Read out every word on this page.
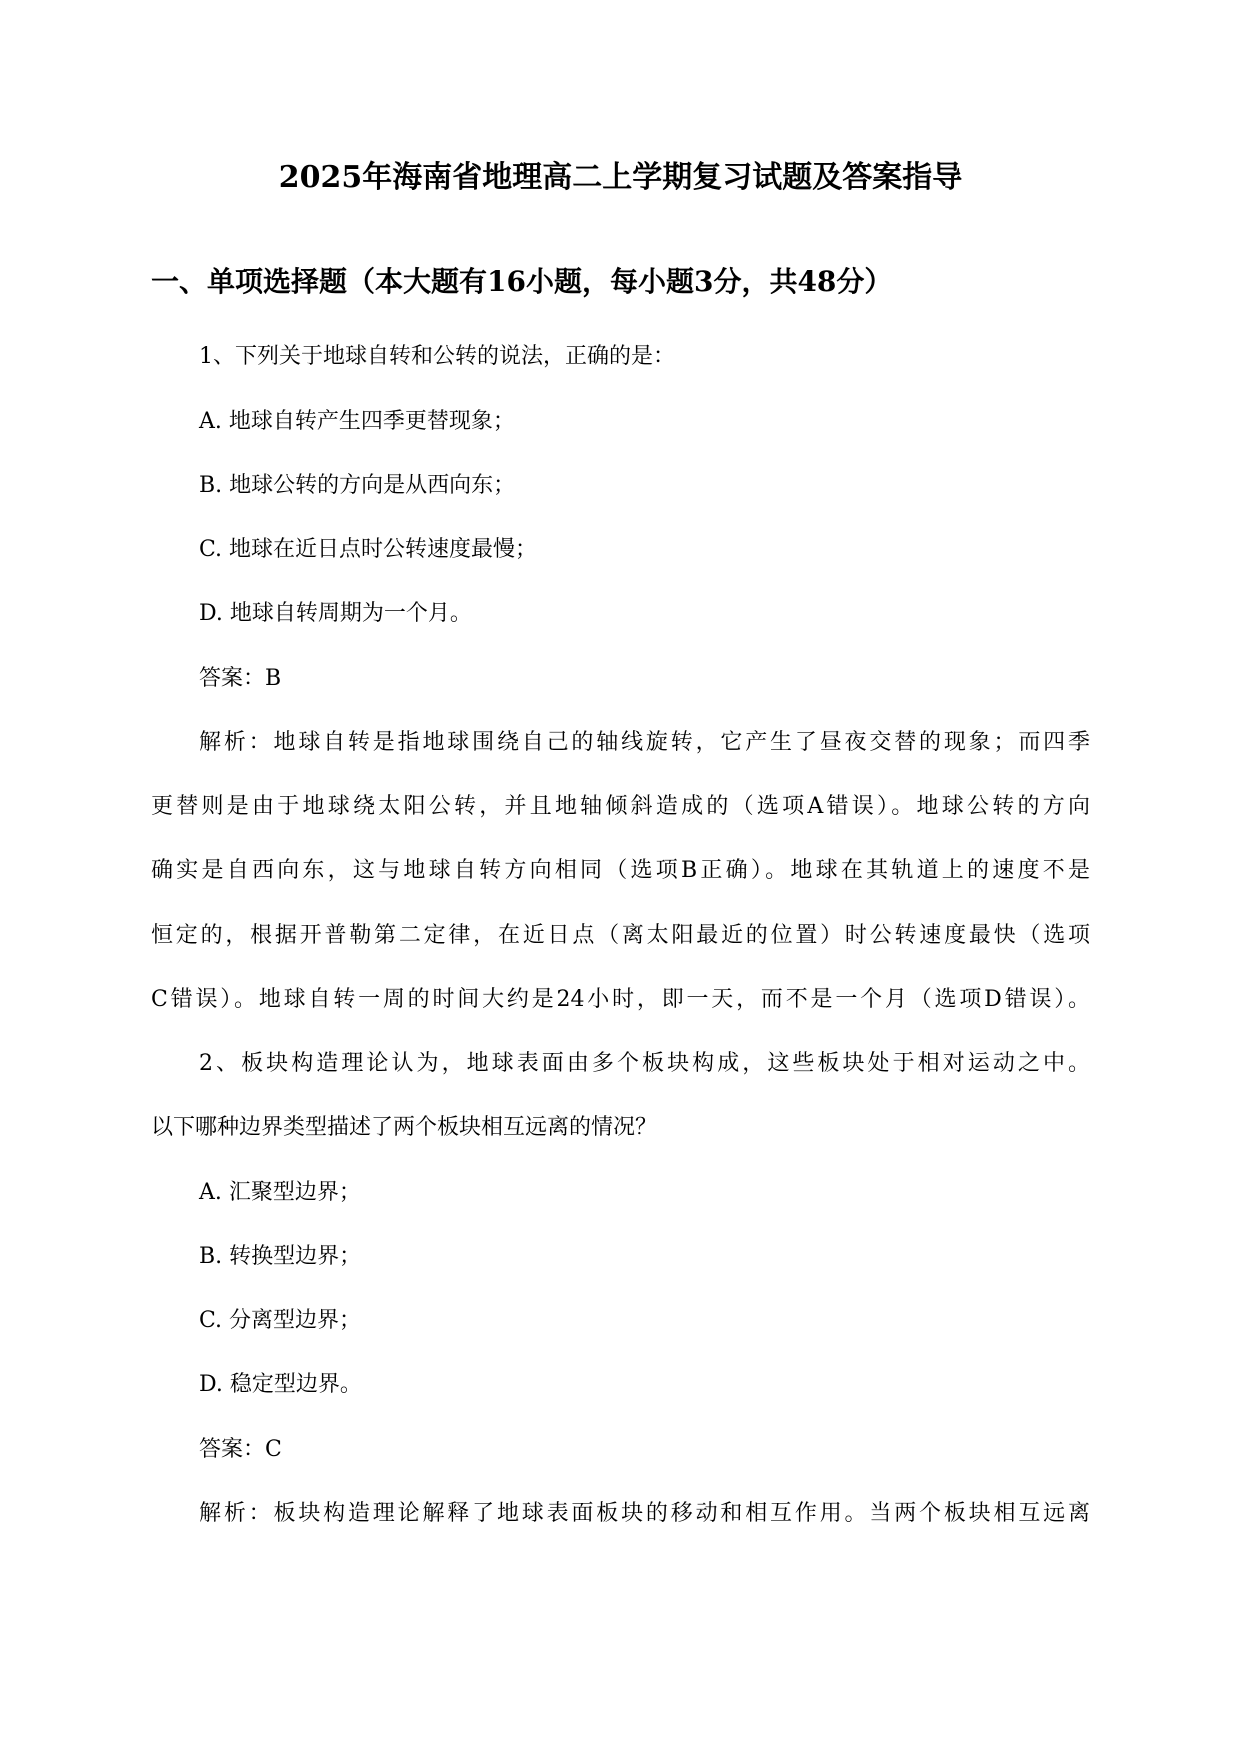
2025年海南省地理高二上学期复习试题及答案指导
一、单项选择题（本大题有16小题，每小题3分，共48分）
1、下列关于地球自转和公转的说法，正确的是：
A. 地球自转产生四季更替现象；
B. 地球公转的方向是从西向东；
C. 地球在近日点时公转速度最慢；
D. 地球自转周期为一个月。
答案：B
解析：地球自转是指地球围绕自己的轴线旋转，它产生了昼夜交替的现象；而四季
更替则是由于地球绕太阳公转，并且地轴倾斜造成的（选项A错误）。地球公转的方向
确实是自西向东，这与地球自转方向相同（选项B正确）。地球在其轨道上的速度不是
恒定的，根据开普勒第二定律，在近日点（离太阳最近的位置）时公转速度最快（选项
C错误）。地球自转一周的时间大约是24小时，即一天，而不是一个月（选项D错误）。
2、板块构造理论认为，地球表面由多个板块构成，这些板块处于相对运动之中。
以下哪种边界类型描述了两个板块相互远离的情况？
A. 汇聚型边界；
B. 转换型边界；
C. 分离型边界；
D. 稳定型边界。
答案：C
解析：板块构造理论解释了地球表面板块的移动和相互作用。当两个板块相互远离
